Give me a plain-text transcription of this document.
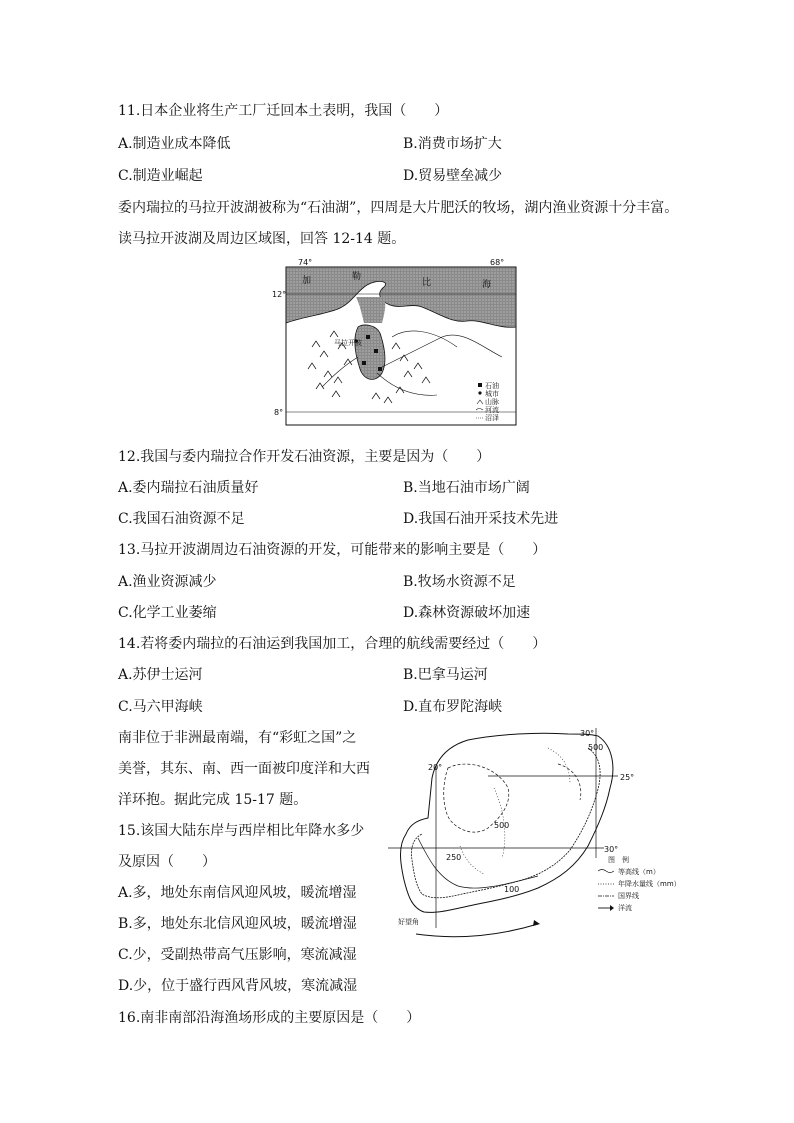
11.日本企业将生产工厂迁回本土表明，我国（　　）
A.制造业成本降低	B.消费市场扩大
C.制造业崛起	D.贸易壁垒减少
委内瑞拉的马拉开波湖被称为“石油湖”，四周是大片肥沃的牧场，湖内渔业资源十分丰富。
读马拉开波湖及周边区域图，回答 12-14 题。
74°	68°
12°
8°
加	勒
比	海
马拉开波
石油
城市
山脉
河流
沼泽
12.我国与委内瑞拉合作开发石油资源，主要是因为（　　）
A.委内瑞拉石油质量好	B.当地石油市场广阔
C.我国石油资源不足	D.我国石油开采技术先进
13.马拉开波湖周边石油资源的开发，可能带来的影响主要是（　　）
A.渔业资源减少	B.牧场水资源不足
C.化学工业萎缩	D.森林资源破坏加速
14.若将委内瑞拉的石油运到我国加工，合理的航线需要经过（　　）
A.苏伊士运河	B.巴拿马运河
C.马六甲海峡	D.直布罗陀海峡
南非位于非洲最南端，有“彩虹之国”之
美誉，其东、南、西一面被印度洋和大西
洋环抱。据此完成 15-17 题。
15.该国大陆东岸与西岸相比年降水多少
及原因（　　）
A.多，地处东南信风迎风坡，暖流增湿
B.多，地处东北信风迎风坡，暖流增湿
C.少，受副热带高气压影响，寒流减湿
D.少，位于盛行西风背风坡，寒流减湿
20°
30°
25°
30°
500
500
250
100
好望角
图　例
等高线（m）
年降水量线（mm）
国界线
洋流
16.南非南部沿海渔场形成的主要原因是（　　）
